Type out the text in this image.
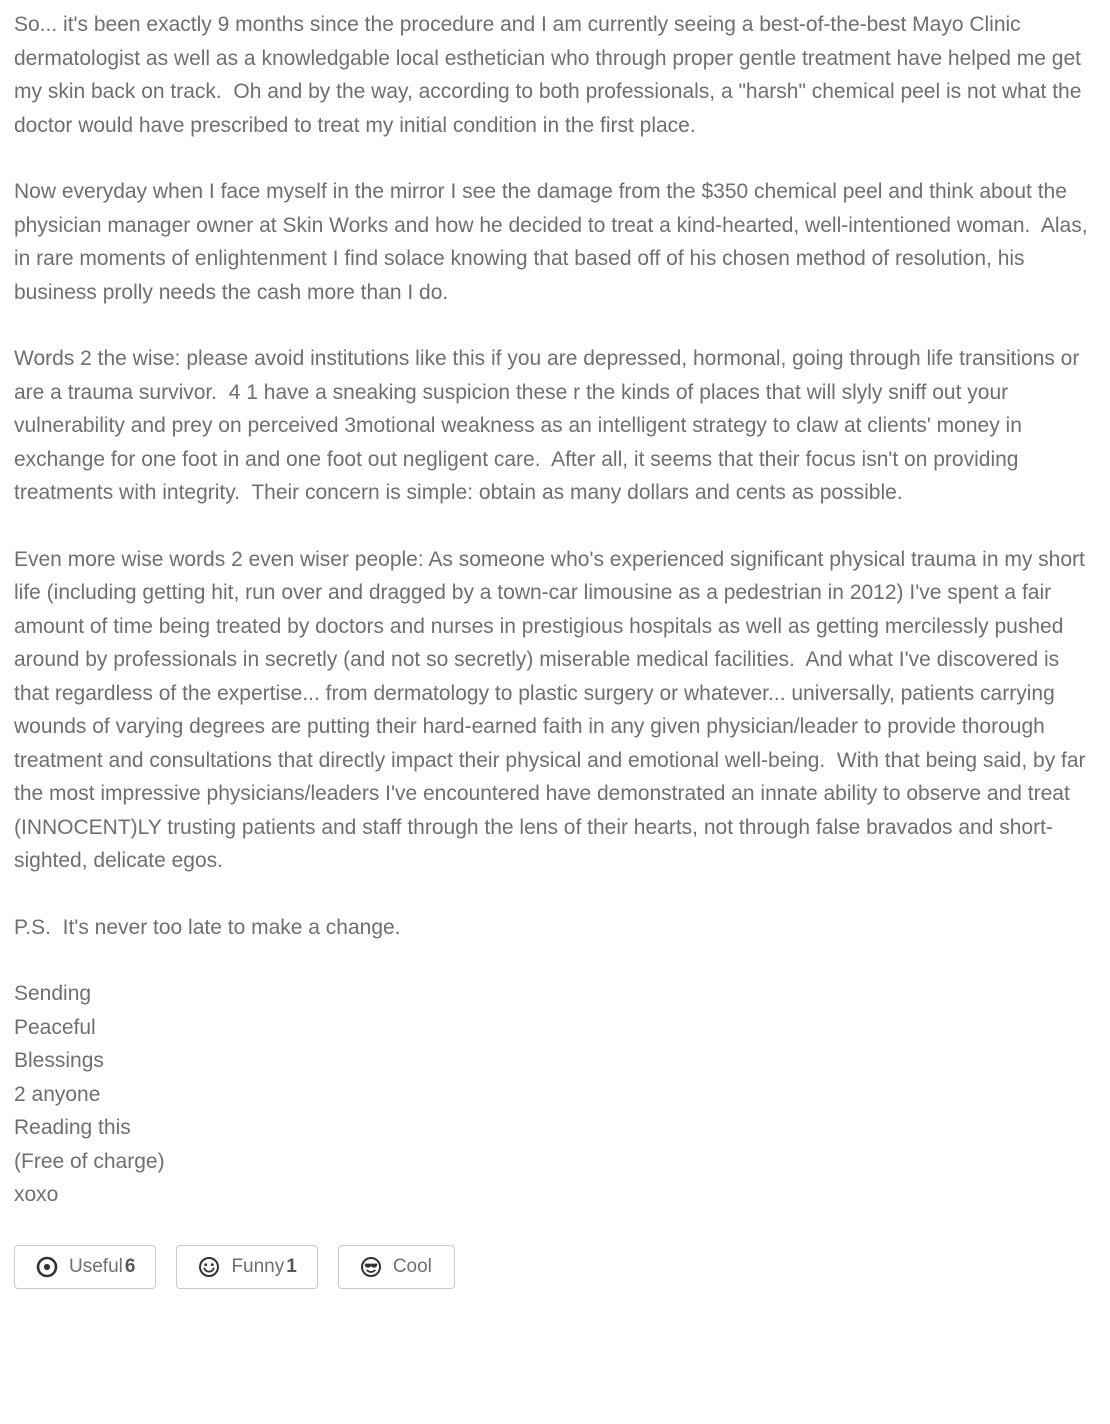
So... it's been exactly 9 months since the procedure and I am currently seeing a best-of-the-best Mayo Clinic dermatologist as well as a knowledgable local esthetician who through proper gentle treatment have helped me get my skin back on track.  Oh and by the way, according to both professionals, a "harsh" chemical peel is not what the doctor would have prescribed to treat my initial condition in the first place.

Now everyday when I face myself in the mirror I see the damage from the $350 chemical peel and think about the physician manager owner at Skin Works and how he decided to treat a kind-hearted, well-intentioned woman.  Alas, in rare moments of enlightenment I find solace knowing that based off of his chosen method of resolution, his business prolly needs the cash more than I do.

Words 2 the wise: please avoid institutions like this if you are depressed, hormonal, going through life transitions or are a trauma survivor.  4 1 have a sneaking suspicion these r the kinds of places that will slyly sniff out your vulnerability and prey on perceived 3motional weakness as an intelligent strategy to claw at clients' money in exchange for one foot in and one foot out negligent care.  After all, it seems that their focus isn't on providing treatments with integrity.  Their concern is simple: obtain as many dollars and cents as possible.

Even more wise words 2 even wiser people: As someone who's experienced significant physical trauma in my short life (including getting hit, run over and dragged by a town-car limousine as a pedestrian in 2012) I've spent a fair amount of time being treated by doctors and nurses in prestigious hospitals as well as getting mercilessly pushed around by professionals in secretly (and not so secretly) miserable medical facilities.  And what I've discovered is that regardless of the expertise... from dermatology to plastic surgery or whatever... universally, patients carrying wounds of varying degrees are putting their hard-earned faith in any given physician/leader to provide thorough treatment and consultations that directly impact their physical and emotional well-being.  With that being said, by far the most impressive physicians/leaders I've encountered have demonstrated an innate ability to observe and treat (INNOCENT)LY trusting patients and staff through the lens of their hearts, not through false bravados and short-sighted, delicate egos.

P.S.  It's never too late to make a change.

Sending
Peaceful
Blessings
2 anyone
Reading this
(Free of charge)
xoxo
Useful 6	Funny 1	Cool
